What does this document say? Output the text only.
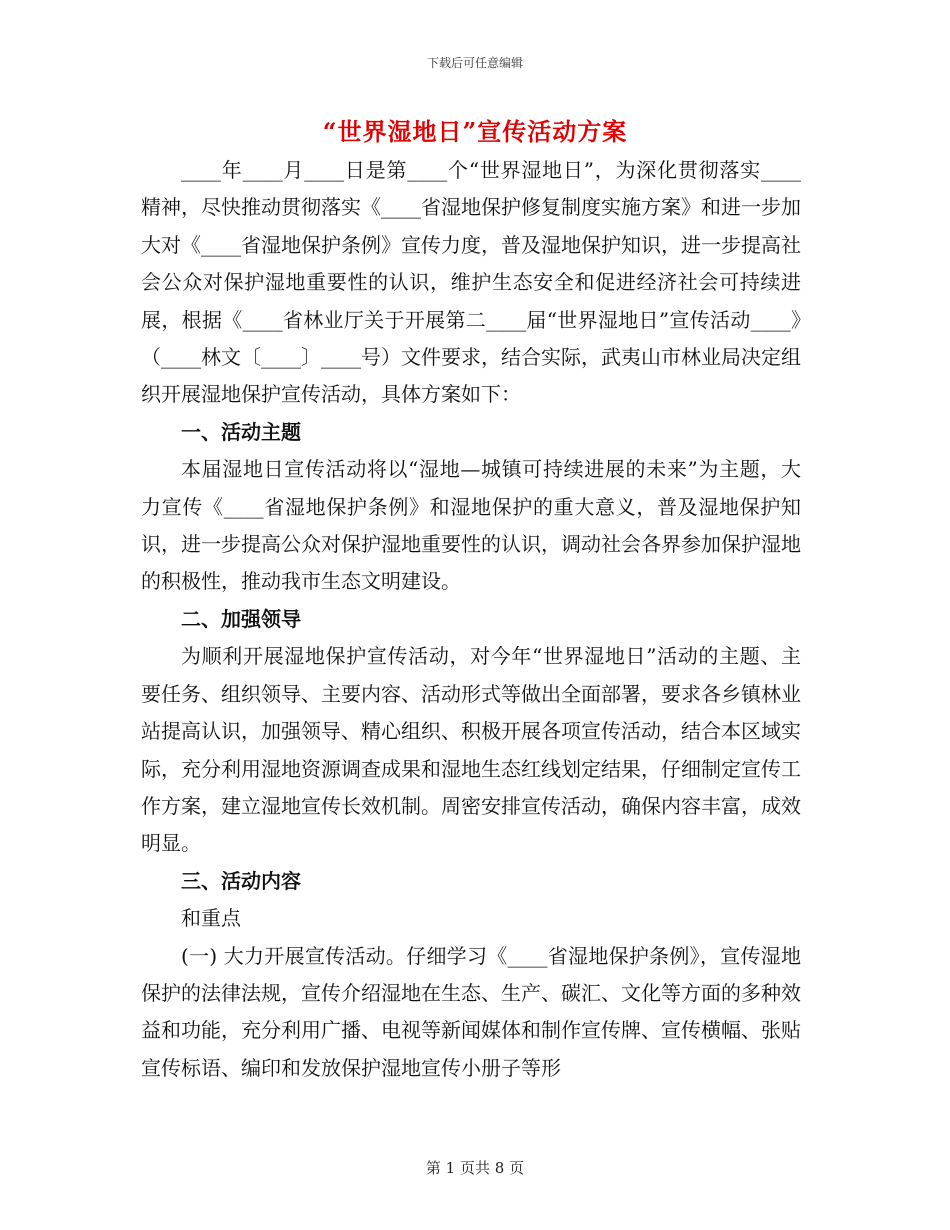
下载后可任意编辑
“世界湿地日”宣传活动方案

____年____月____日是第____个“世界湿地日”，为深化贯彻落实____精神，尽快推动贯彻落实《____省湿地保护修复制度实施方案》和进一步加大对《____省湿地保护条例》宣传力度，普及湿地保护知识，进一步提高社会公众对保护湿地重要性的认识，维护生态安全和促进经济社会可持续进展，根据《____省林业厅关于开展第二____届“世界湿地日”宣传活动____》（____林文〔____〕____号）文件要求，结合实际，武夷山市林业局决定组织开展湿地保护宣传活动，具体方案如下：

一、活动主题

本届湿地日宣传活动将以“湿地—城镇可持续进展的未来”为主题，大力宣传《____省湿地保护条例》和湿地保护的重大意义，普及湿地保护知识，进一步提高公众对保护湿地重要性的认识，调动社会各界参加保护湿地的积极性，推动我市生态文明建设。

二、加强领导

为顺利开展湿地保护宣传活动，对今年“世界湿地日”活动的主题、主要任务、组织领导、主要内容、活动形式等做出全面部署，要求各乡镇林业站提高认识，加强领导、精心组织、积极开展各项宣传活动，结合本区域实际，充分利用湿地资源调查成果和湿地生态红线划定结果，仔细制定宣传工作方案，建立湿地宣传长效机制。周密安排宣传活动，确保内容丰富，成效明显。

三、活动内容

和重点

(一) 大力开展宣传活动。仔细学习《____省湿地保护条例》，宣传湿地保护的法律法规，宣传介绍湿地在生态、生产、碳汇、文化等方面的多种效益和功能，充分利用广播、电视等新闻媒体和制作宣传牌、宣传横幅、张贴宣传标语、编印和发放保护湿地宣传小册子等形

第 1 页共 8 页
